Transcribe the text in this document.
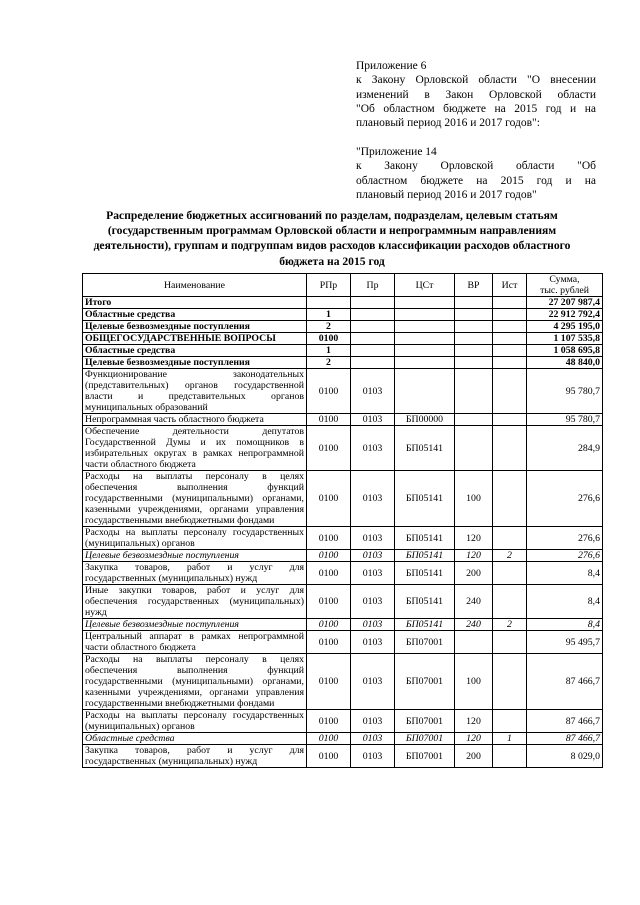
Приложение 6
к Закону Орловской области "О внесении
изменений в Закон Орловской области
"Об областном бюджете на 2015 год и на
плановый период 2016 и 2017 годов":
"Приложение 14
к Закону Орловской области "Об
областном бюджете на 2015 год и на
плановый период 2016 и 2017 годов"
Распределение бюджетных ассигнований по разделам, подразделам, целевым статьям (государственным программам Орловской области и непрограммным направлениям деятельности), группам и подгруппам видов расходов классификации расходов областного бюджета на 2015 год
Наименование	РПр	Пр	ЦСт	ВР	Ист	Сумма,
тыс. рублей
Итого						27 207 987,4
Областные средства	1					22 912 792,4
Целевые безвозмездные поступления	2					4 295 195,0
ОБЩЕГОСУДАРСТВЕННЫЕ ВОПРОСЫ	0100					1 107 535,8
Областные средства	1					1 058 695,8
Целевые безвозмездные поступления	2					48 840,0
Функционирование законодательных (представительных) органов государственной власти и представительных органов муниципальных образований	0100	0103				95 780,7
Непрограммная часть областного бюджета	0100	0103	БП00000			95 780,7
Обеспечение деятельности депутатов Государственной Думы и их помощников в избирательных округах в рамках непрограммной части областного бюджета	0100	0103	БП05141			284,9
Расходы на выплаты персоналу в целях обеспечения выполнения функций государственными (муниципальными) органами, казенными учреждениями, органами управления государственными внебюджетными фондами	0100	0103	БП05141	100		276,6
Расходы на выплаты персоналу государственных (муниципальных) органов	0100	0103	БП05141	120		276,6
Целевые безвозмездные поступления	0100	0103	БП05141	120	2	276,6
Закупка товаров, работ и услуг для государственных (муниципальных) нужд	0100	0103	БП05141	200		8,4
Иные закупки товаров, работ и услуг для обеспечения государственных (муниципальных) нужд	0100	0103	БП05141	240		8,4
Целевые безвозмездные поступления	0100	0103	БП05141	240	2	8,4
Центральный аппарат в рамках непрограммной части областного бюджета	0100	0103	БП07001			95 495,7
Расходы на выплаты персоналу в целях обеспечения выполнения функций государственными (муниципальными) органами, казенными учреждениями, органами управления государственными внебюджетными фондами	0100	0103	БП07001	100		87 466,7
Расходы на выплаты персоналу государственных (муниципальных) органов	0100	0103	БП07001	120		87 466,7
Областные средства	0100	0103	БП07001	120	1	87 466,7
Закупка товаров, работ и услуг для государственных (муниципальных) нужд	0100	0103	БП07001	200		8 029,0
